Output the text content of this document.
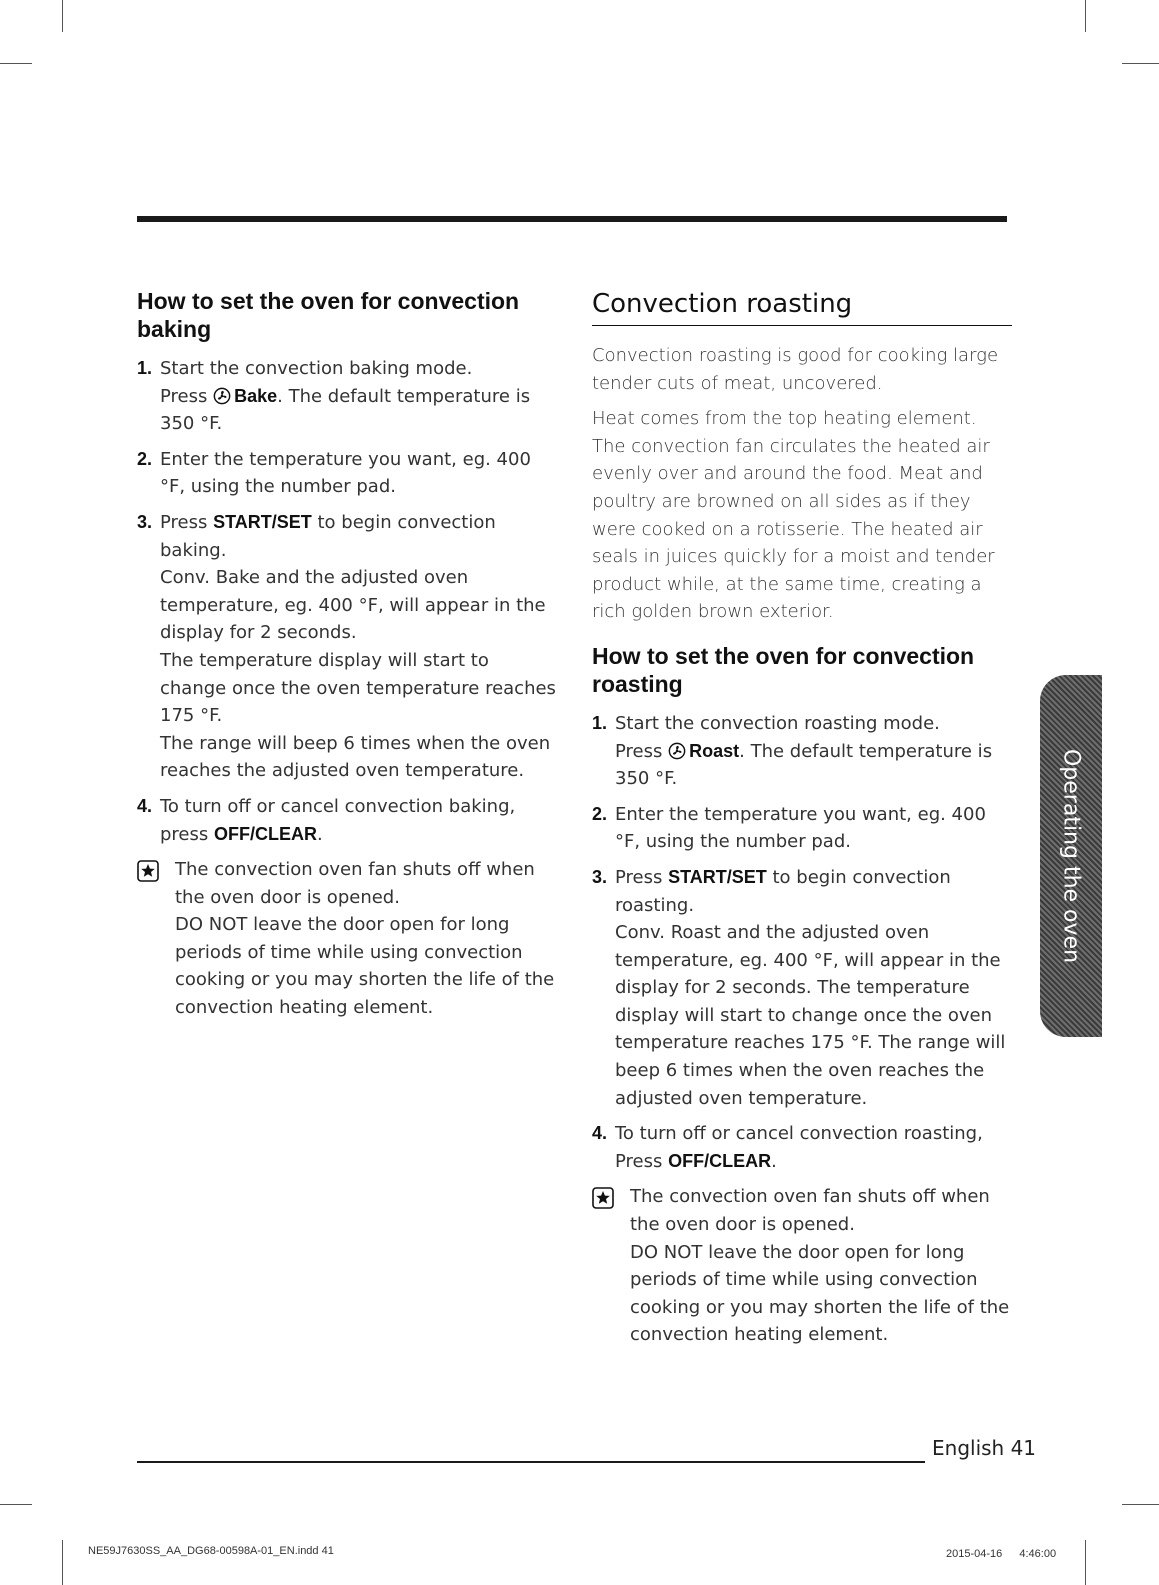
How to set the oven for convection baking
1. Start the convection baking mode.
Press Bake. The default temperature is 350 °F.
2. Enter the temperature you want, eg. 400 °F, using the number pad.
3. Press START/SET to begin convection baking.
Conv. Bake and the adjusted oven temperature, eg. 400 °F, will appear in the display for 2 seconds.
The temperature display will start to change once the oven temperature reaches 175 °F.
The range will beep 6 times when the oven reaches the adjusted oven temperature.
4. To turn off or cancel convection baking, press OFF/CLEAR.
The convection oven fan shuts off when the oven door is opened.
DO NOT leave the door open for long periods of time while using convection cooking or you may shorten the life of the convection heating element.
Convection roasting

Convection roasting is good for cooking large tender cuts of meat, uncovered.

Heat comes from the top heating element. The convection fan circulates the heated air evenly over and around the food. Meat and poultry are browned on all sides as if they were cooked on a rotisserie. The heated air seals in juices quickly for a moist and tender product while, at the same time, creating a rich golden brown exterior.

How to set the oven for convection roasting
1. Start the convection roasting mode.
Press Roast. The default temperature is 350 °F.
2. Enter the temperature you want, eg. 400 °F, using the number pad.
3. Press START/SET to begin convection roasting.
Conv. Roast and the adjusted oven temperature, eg. 400 °F, will appear in the display for 2 seconds. The temperature display will start to change once the oven temperature reaches 175 °F. The range will beep 6 times when the oven reaches the adjusted oven temperature.
4. To turn off or cancel convection roasting, Press OFF/CLEAR.
The convection oven fan shuts off when the oven door is opened.
DO NOT leave the door open for long periods of time while using convection cooking or you may shorten the life of the convection heating element.
Operating the oven
English 41
NE59J7630SS_AA_DG68-00598A-01_EN.indd 41	2015-04-16 　 4:46:00
